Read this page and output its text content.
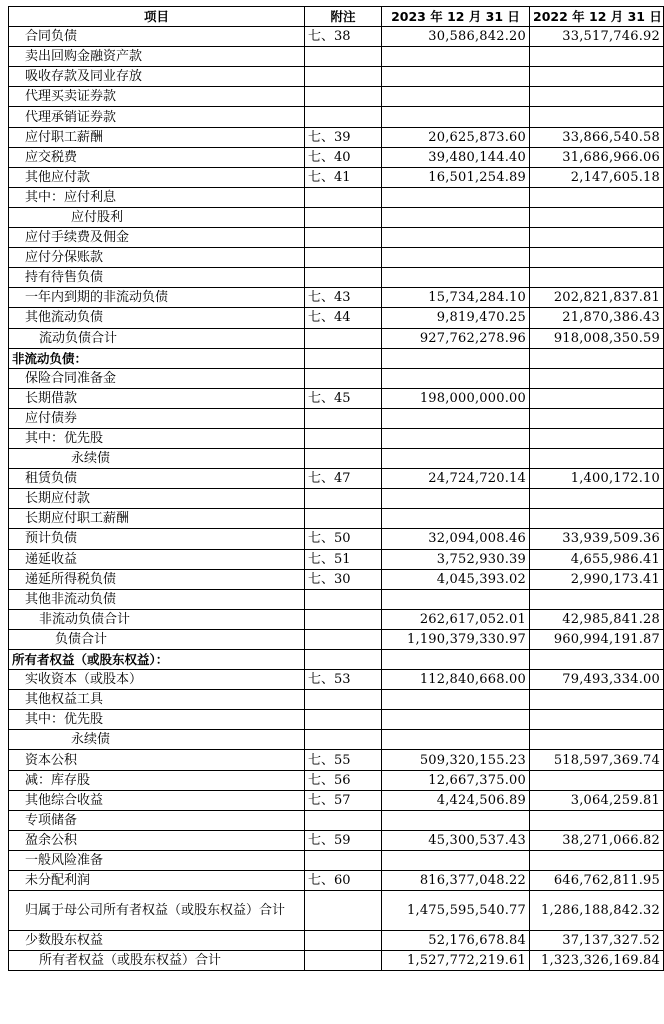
项目	附注	2023 年 12 月 31 日	2022 年 12 月 31 日
合同负债	七、38	30,586,842.20	33,517,746.92
卖出回购金融资产款			
吸收存款及同业存放			
代理买卖证券款			
代理承销证券款			
应付职工薪酬	七、39	20,625,873.60	33,866,540.58
应交税费	七、40	39,480,144.40	31,686,966.06
其他应付款	七、41	16,501,254.89	2,147,605.18
其中：应付利息			
应付股利			
应付手续费及佣金			
应付分保账款			
持有待售负债			
一年内到期的非流动负债	七、43	15,734,284.10	202,821,837.81
其他流动负债	七、44	9,819,470.25	21,870,386.43
流动负债合计		927,762,278.96	918,008,350.59
非流动负债：			
保险合同准备金			
长期借款	七、45	198,000,000.00	
应付债券			
其中：优先股			
永续债			
租赁负债	七、47	24,724,720.14	1,400,172.10
长期应付款			
长期应付职工薪酬			
预计负债	七、50	32,094,008.46	33,939,509.36
递延收益	七、51	3,752,930.39	4,655,986.41
递延所得税负债	七、30	4,045,393.02	2,990,173.41
其他非流动负债			
非流动负债合计		262,617,052.01	42,985,841.28
负债合计		1,190,379,330.97	960,994,191.87
所有者权益（或股东权益）：			
实收资本（或股本）	七、53	112,840,668.00	79,493,334.00
其他权益工具			
其中：优先股			
永续债			
资本公积	七、55	509,320,155.23	518,597,369.74
减：库存股	七、56	12,667,375.00	
其他综合收益	七、57	4,424,506.89	3,064,259.81
专项储备			
盈余公积	七、59	45,300,537.43	38,271,066.82
一般风险准备			
未分配利润	七、60	816,377,048.22	646,762,811.95
归属于母公司所有者权益（或股东权益）合计		1,475,595,540.77	1,286,188,842.32
少数股东权益		52,176,678.84	37,137,327.52
所有者权益（或股东权益）合计		1,527,772,219.61	1,323,326,169.84
